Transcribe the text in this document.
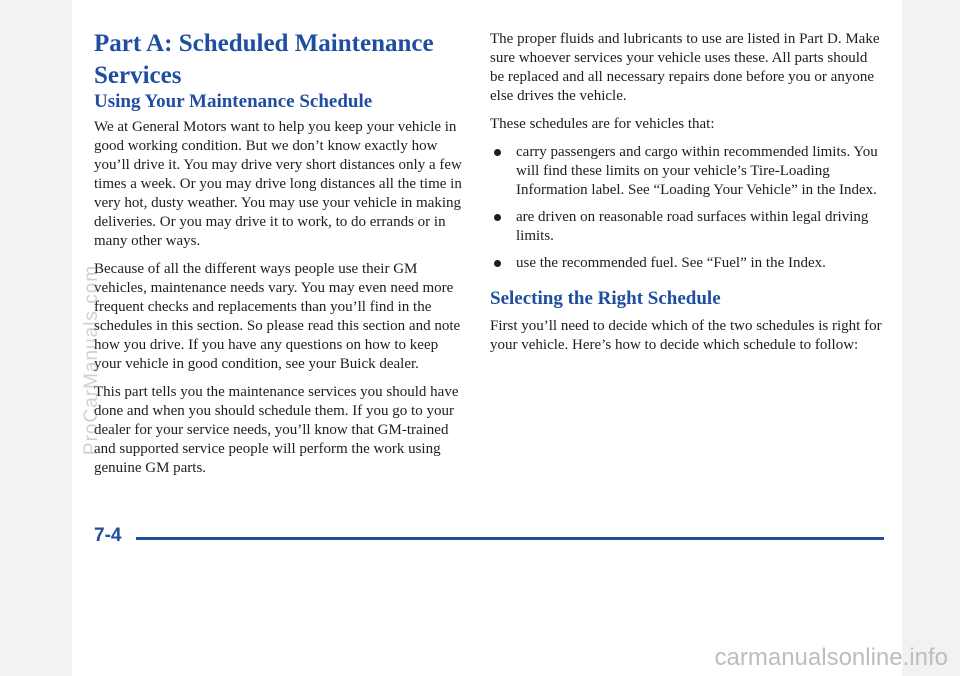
Part A: Scheduled Maintenance
Services
Using Your Maintenance Schedule

We at General Motors want to help you keep your vehicle in good working condition. But we don’t know exactly how you’ll drive it. You may drive very short distances only a few times a week. Or you may drive long distances all the time in very hot, dusty weather. You may use your vehicle in making deliveries. Or you may drive it to work, to do errands or in many other ways.

Because of all the different ways people use their GM vehicles, maintenance needs vary. You may even need more frequent checks and replacements than you’ll find in the schedules in this section. So please read this section and note how you drive. If you have any questions on how to keep your vehicle in good condition, see your Buick dealer.

This part tells you the maintenance services you should have done and when you should schedule them. If you go to your dealer for your service needs, you’ll know that GM-trained and supported service people will perform the work using genuine GM parts.

The proper fluids and lubricants to use are listed in Part D. Make sure whoever services your vehicle uses these. All parts should be replaced and all necessary repairs done before you or anyone else drives the vehicle.

These schedules are for vehicles that:

carry passengers and cargo within recommended limits. You will find these limits on your vehicle’s Tire-Loading Information label. See “Loading Your Vehicle” in the Index.
are driven on reasonable road surfaces within legal driving limits.
use the recommended fuel. See “Fuel” in the Index.
Selecting the Right Schedule

First you’ll need to decide which of the two schedules is right for your vehicle. Here’s how to decide which schedule to follow:

7-4
ProCarManuals.com
carmanualsonline.info
